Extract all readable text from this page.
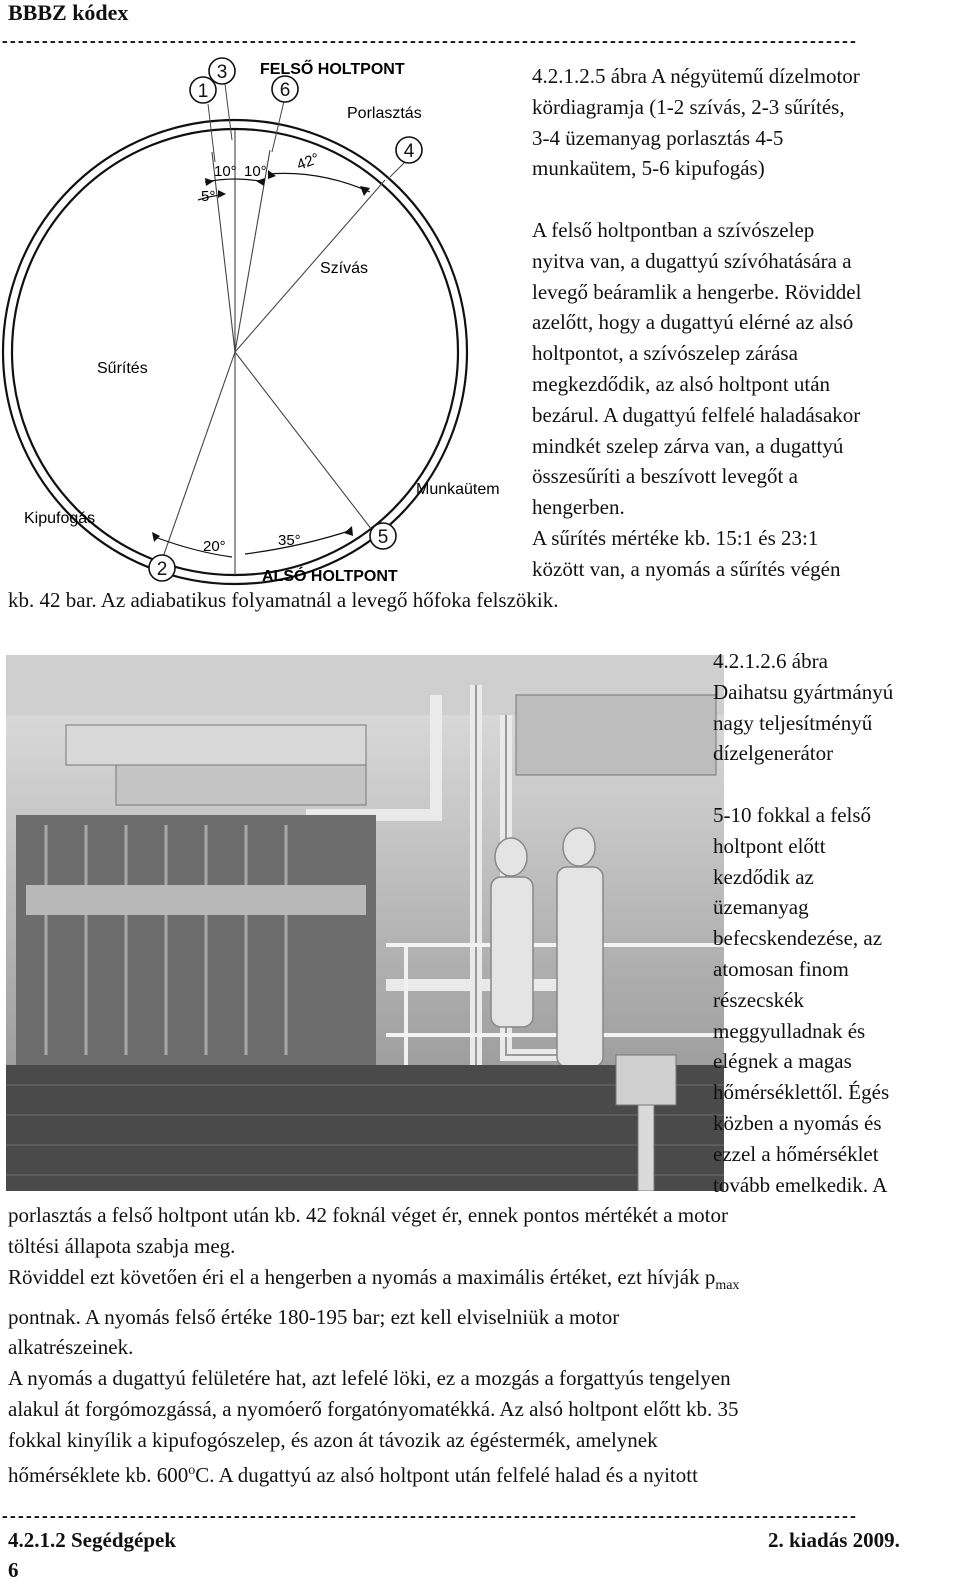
BBBZ kódex
-----------------------------------------------------------------------------------------------------------
1
2
3
4
5
6
FELSŐ HOLTPONT
ALSÓ HOLTPONT
Porlasztás
Szívás
Sűrítés
Munkaütem
Kipufogás
10° 10°
5°
42°
20°	35°

4.2.1.2.5 ábra A négyütemű dízelmotor

kördiagramja (1-2 szívás, 2-3 sűrítés,

3-4 üzemanyag porlasztás 4-5

munkaütem, 5-6 kipufogás)

A felső holtpontban a szívószelep

nyitva van, a dugattyú szívóhatására a

levegő beáramlik a hengerbe. Röviddel

azelőtt, hogy a dugattyú elérné az alsó

holtpontot, a szívószelep zárása

megkezdődik, az alsó holtpont után

bezárul. A dugattyú felfelé haladásakor

mindkét szelep zárva van, a dugattyú

összesűríti a beszívott levegőt a

hengerben.

A sűrítés mértéke kb. 15:1 és 23:1

között van, a nyomás a sűrítés végén

kb. 42 bar. Az adiabatikus folyamatnál a levegő hőfoka felszökik.

4.2.1.2.6 ábra

Daihatsu gyártmányú

nagy teljesítményű

dízelgenerátor

5-10 fokkal a felső

holtpont előtt

kezdődik az

üzemanyag

befecskendezése, az

atomosan finom

részecskék

meggyulladnak és

elégnek a magas

hőmérséklettől. Égés

közben a nyomás és

ezzel a hőmérséklet

tovább emelkedik. A

porlasztás a felső holtpont után kb. 42 foknál véget ér, ennek pontos mértékét a motor

töltési állapota szabja meg.

Röviddel ezt követően éri el a hengerben a nyomás a maximális értéket, ezt hívják $p_{max}$

pontnak. A nyomás felső értéke 180-195 bar; ezt kell elviselniük a motor

alkatrészeinek.

A nyomás a dugattyú felületére hat, azt lefelé löki, ez a mozgás a forgattyús tengelyen

alakul át forgómozgássá, a nyomóerő forgatónyomatékká. Az alsó holtpont előtt kb. 35

fokkal kinyílik a kipufogószelep, és azon át távozik az égéstermék, amelynek

hőmérséklete kb. 600$^o$C. A dugattyú az alsó holtpont után felfelé halad és a nyitott

-----------------------------------------------------------------------------------------------------------
4.2.1.2 Segédgépek	2. kiadás 2009.
6
